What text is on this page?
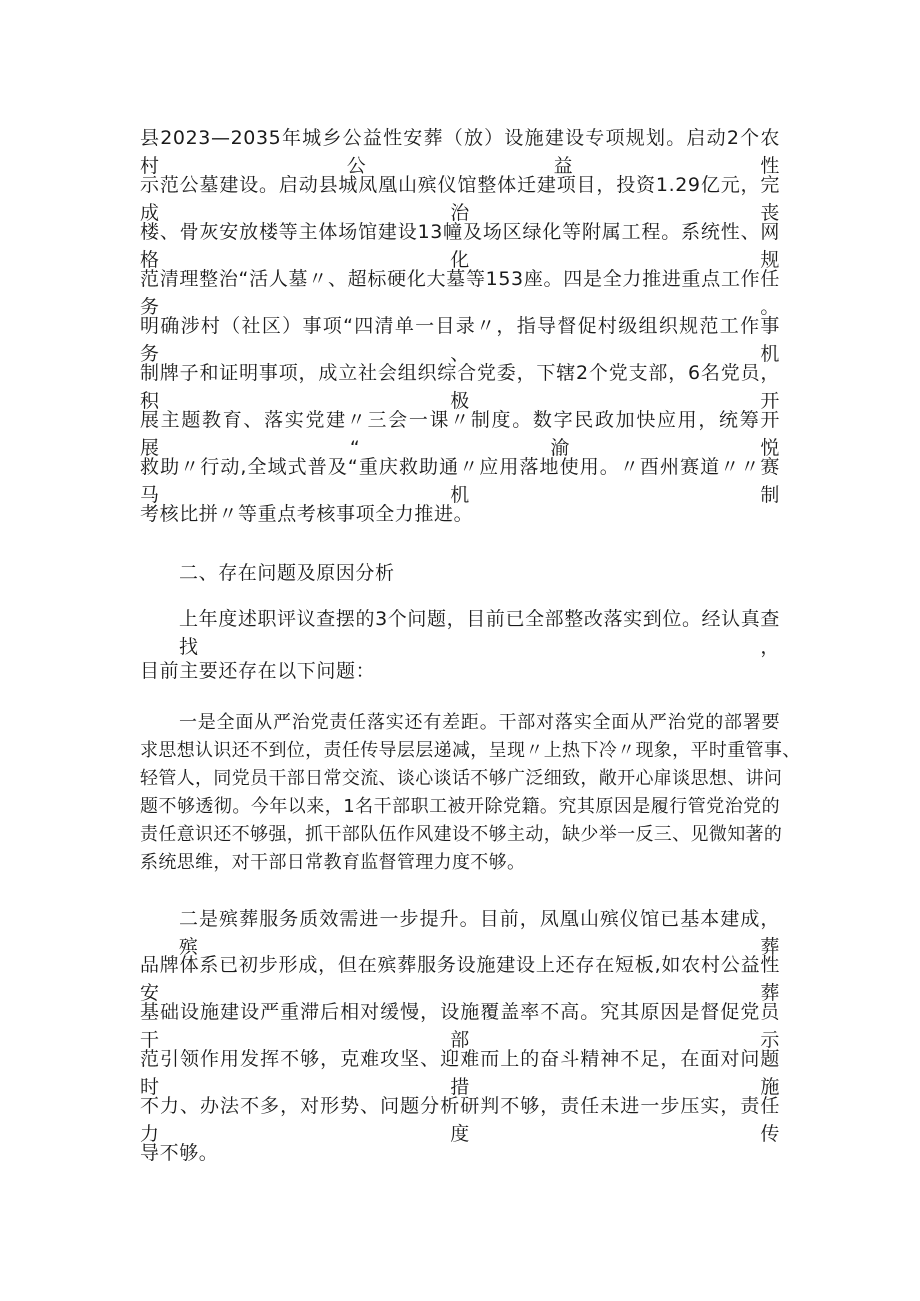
县2023—2035年城乡公益性安葬（放）设施建设专项规划。启动2个农村公益性
示范公墓建设。启动县城凤凰山殡仪馆整体迁建项目，投资1.29亿元，完成治丧
楼、骨灰安放楼等主体场馆建设13幢及场区绿化等附属工程。系统性、网格化规
范清理整治“活人墓〃、超标硬化大墓等153座。四是全力推进重点工作任务。
明确涉村（社区）事项“四清单一目录〃，指导督促村级组织规范工作事务、机
制牌子和证明事项，成立社会组织综合党委，下辖2个党支部，6名党员，积极开
展主题教育、落实党建〃三会一课〃制度。数字民政加快应用，统筹开展“渝悦
救助〃行动,全域式普及“重庆救助通〃应用落地使用。〃酉州赛道〃〃赛马机制
考核比拼〃等重点考核事项全力推进。
二、存在问题及原因分析
上年度述职评议查摆的3个问题，目前已全部整改落实到位。经认真查找，
目前主要还存在以下问题：
一是全面从严治党责任落实还有差距。干部对落实全面从严治党的部署要
求思想认识还不到位，责任传导层层递减，呈现〃上热下冷〃现象，平时重管事、
轻管人，同党员干部日常交流、谈心谈话不够广泛细致，敞开心扉谈思想、讲问
题不够透彻。今年以来，1名干部职工被开除党籍。究其原因是履行管党治党的
责任意识还不够强，抓干部队伍作风建设不够主动，缺少举一反三、见微知著的
系统思维，对干部日常教育监督管理力度不够。
二是殡葬服务质效需进一步提升。目前，凤凰山殡仪馆已基本建成，殡葬
品牌体系已初步形成，但在殡葬服务设施建设上还存在短板,如农村公益性安葬
基础设施建设严重滞后相对缓慢，设施覆盖率不高。究其原因是督促党员干部示
范引领作用发挥不够，克难攻坚、迎难而上的奋斗精神不足，在面对问题时措施
不力、办法不多，对形势、问题分析研判不够，责任未进一步压实，责任力度传
导不够。
